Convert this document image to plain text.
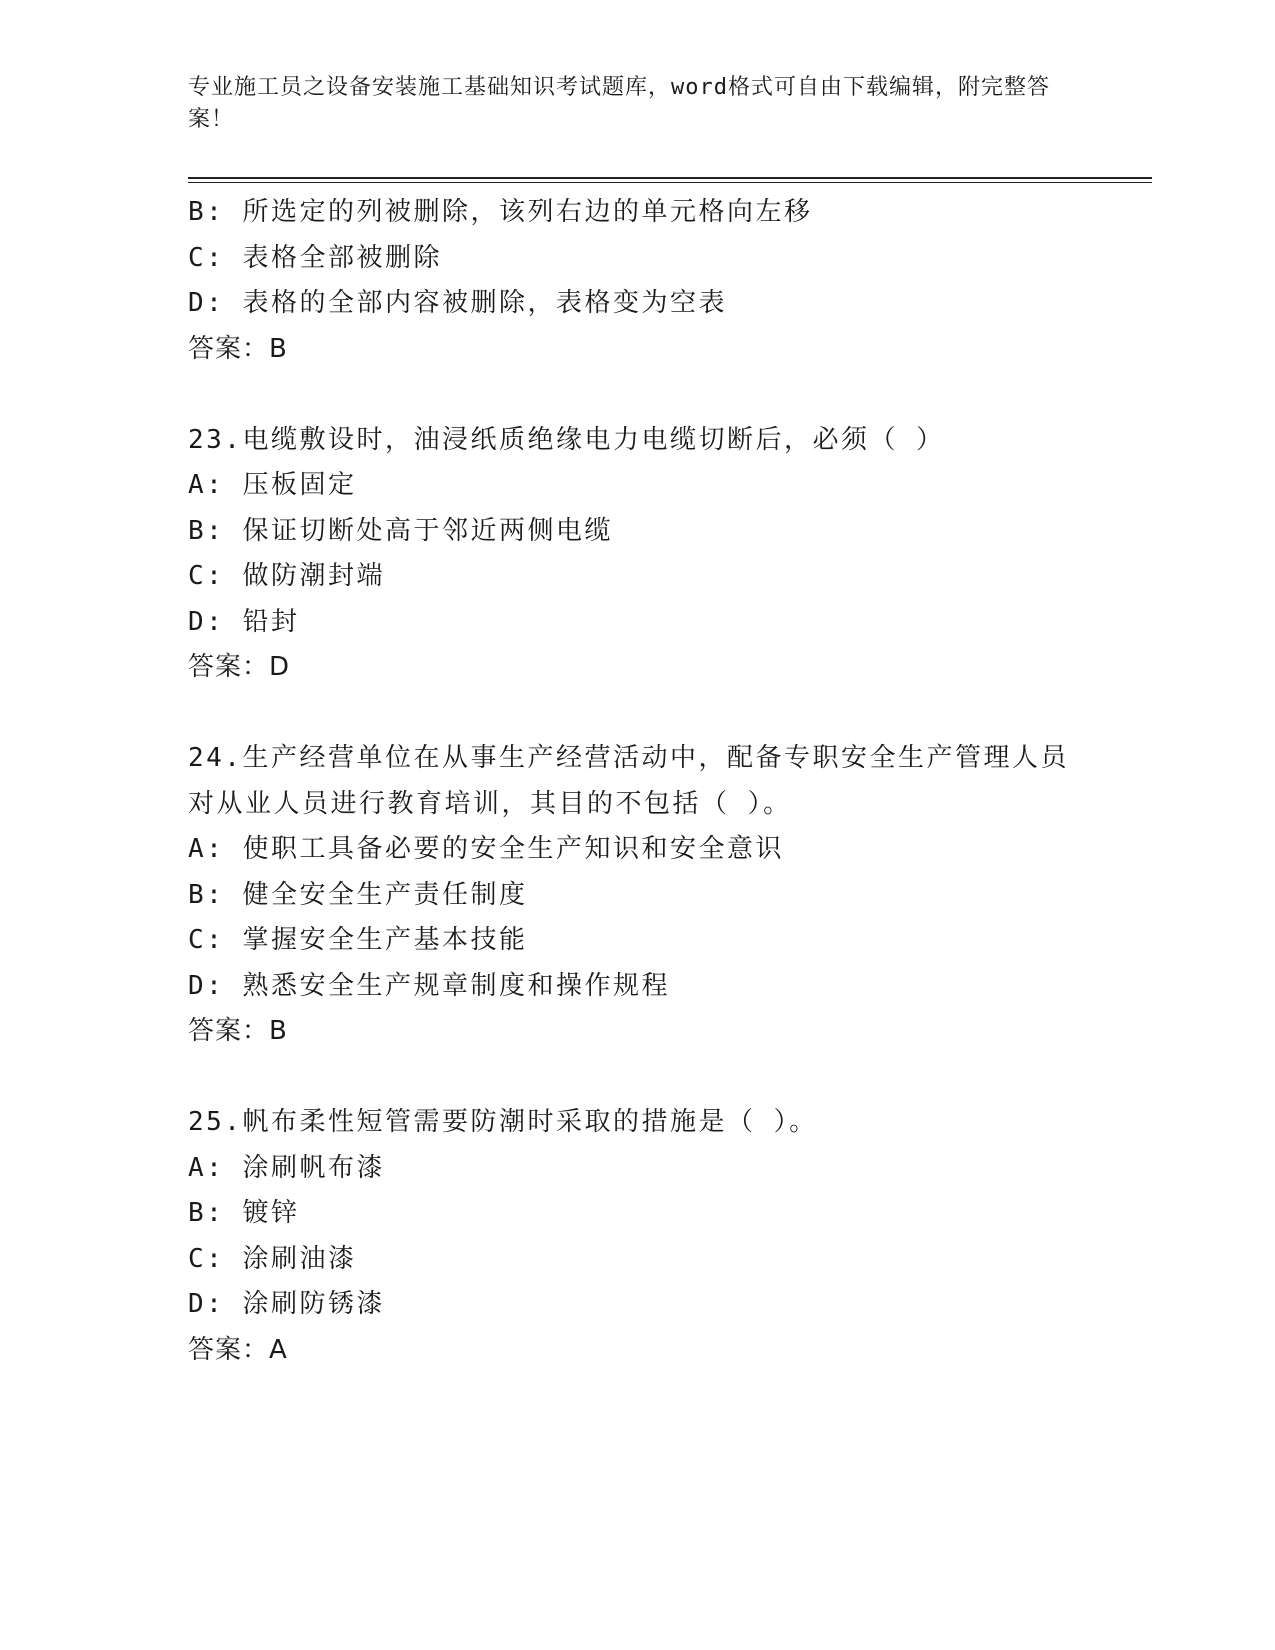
专业施工员之设备安装施工基础知识考试题库，word格式可自由下载编辑，附完整答案！
B: 所选定的列被删除，该列右边的单元格向左移
C: 表格全部被删除
D: 表格的全部内容被删除，表格变为空表
答案：B
23.电缆敷设时，油浸纸质绝缘电力电缆切断后，必须（ ）
A: 压板固定
B: 保证切断处高于邻近两侧电缆
C: 做防潮封端
D: 铅封
答案：D
24.生产经营单位在从事生产经营活动中，配备专职安全生产管理人员
对从业人员进行教育培训，其目的不包括（ ）。
A: 使职工具备必要的安全生产知识和安全意识
B: 健全安全生产责任制度
C: 掌握安全生产基本技能
D: 熟悉安全生产规章制度和操作规程
答案：B
25.帆布柔性短管需要防潮时采取的措施是（ ）。
A: 涂刷帆布漆
B: 镀锌
C: 涂刷油漆
D: 涂刷防锈漆
答案：A
